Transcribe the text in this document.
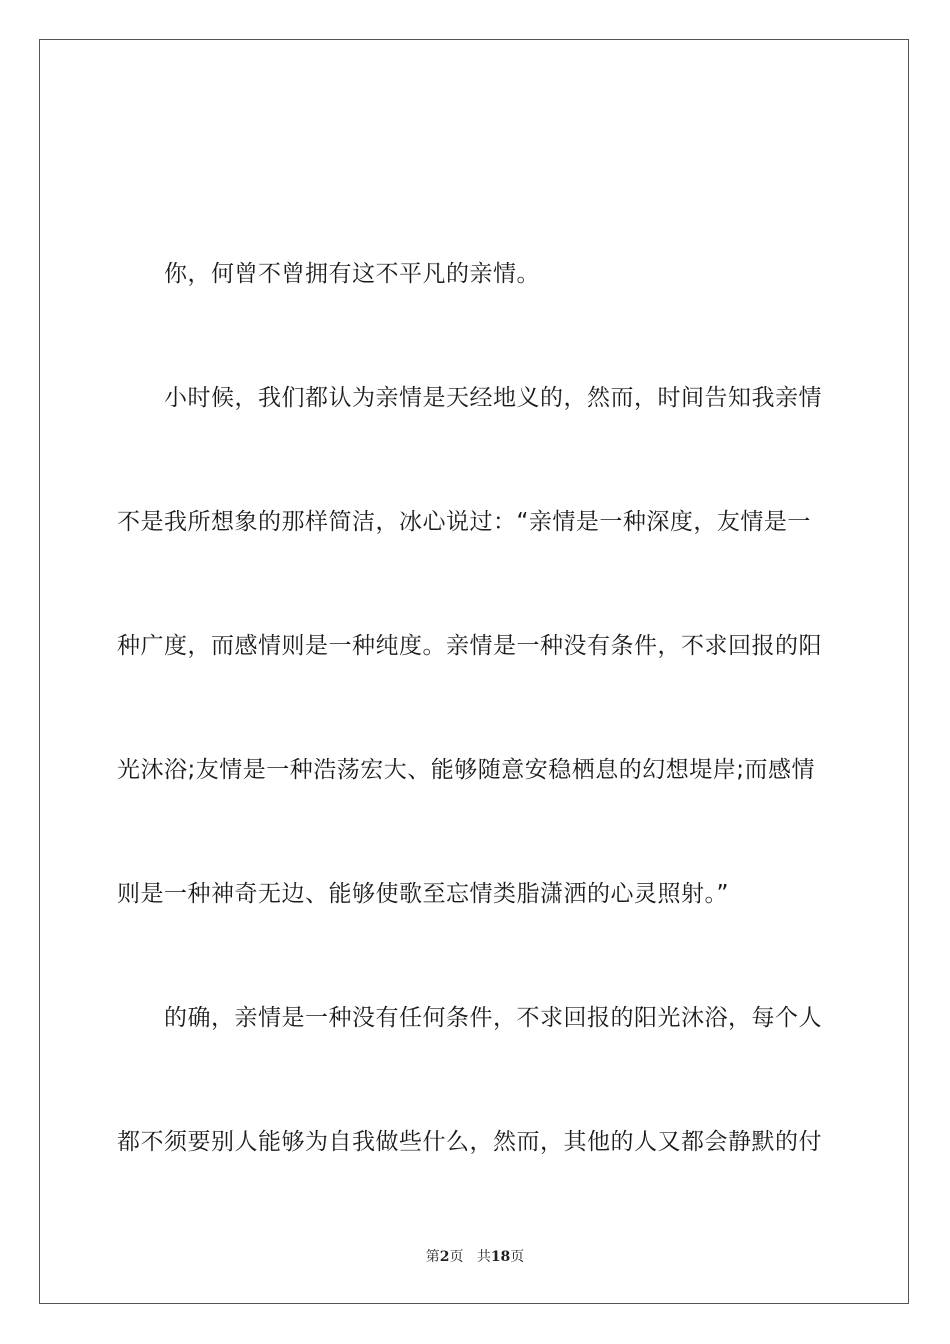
你，何曾不曾拥有这不平凡的亲情。
小时候，我们都认为亲情是天经地义的，然而，时间告知我亲情
不是我所想象的那样简洁，冰心说过：“亲情是一种深度，友情是一
种广度，而感情则是一种纯度。亲情是一种没有条件，不求回报的阳
光沐浴;友情是一种浩荡宏大、能够随意安稳栖息的幻想堤岸;而感情
则是一种神奇无边、能够使歌至忘情类脂潇洒的心灵照射。”
的确，亲情是一种没有任何条件，不求回报的阳光沐浴，每个人
都不须要别人能够为自我做些什么，然而，其他的人又都会静默的付
第2页 共18页
